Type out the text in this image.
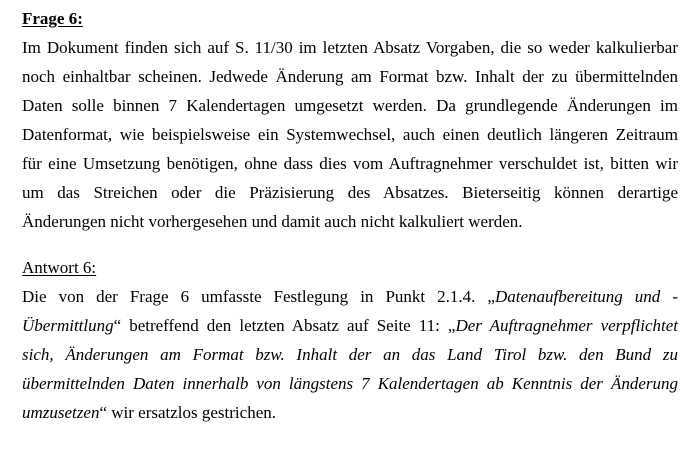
Frage 6:

Im Dokument finden sich auf S. 11/30 im letzten Absatz Vorgaben, die so weder kalkulierbar
noch einhaltbar scheinen. Jedwede Änderung am Format bzw. Inhalt der zu übermittelnden
Daten solle binnen 7 Kalendertagen umgesetzt werden. Da grundlegende Änderungen im
Datenformat, wie beispielsweise ein Systemwechsel, auch einen deutlich längeren Zeitraum
für eine Umsetzung benötigen, ohne dass dies vom Auftragnehmer verschuldet ist, bitten wir
um das Streichen oder die Präzisierung des Absatzes. Bieterseitig können derartige
Änderungen nicht vorhergesehen und damit auch nicht kalkuliert werden.

Antwort 6:

Die von der Frage 6 umfasste Festlegung in Punkt 2.1.4. „Datenaufbereitung und -
Übermittlung“ betreffend den letzten Absatz auf Seite 11: „Der Auftragnehmer verpflichtet
sich, Änderungen am Format bzw. Inhalt der an das Land Tirol bzw. den Bund zu
übermittelnden Daten innerhalb von längstens 7 Kalendertagen ab Kenntnis der Änderung
umzusetzen“ wir ersatzlos gestrichen.
